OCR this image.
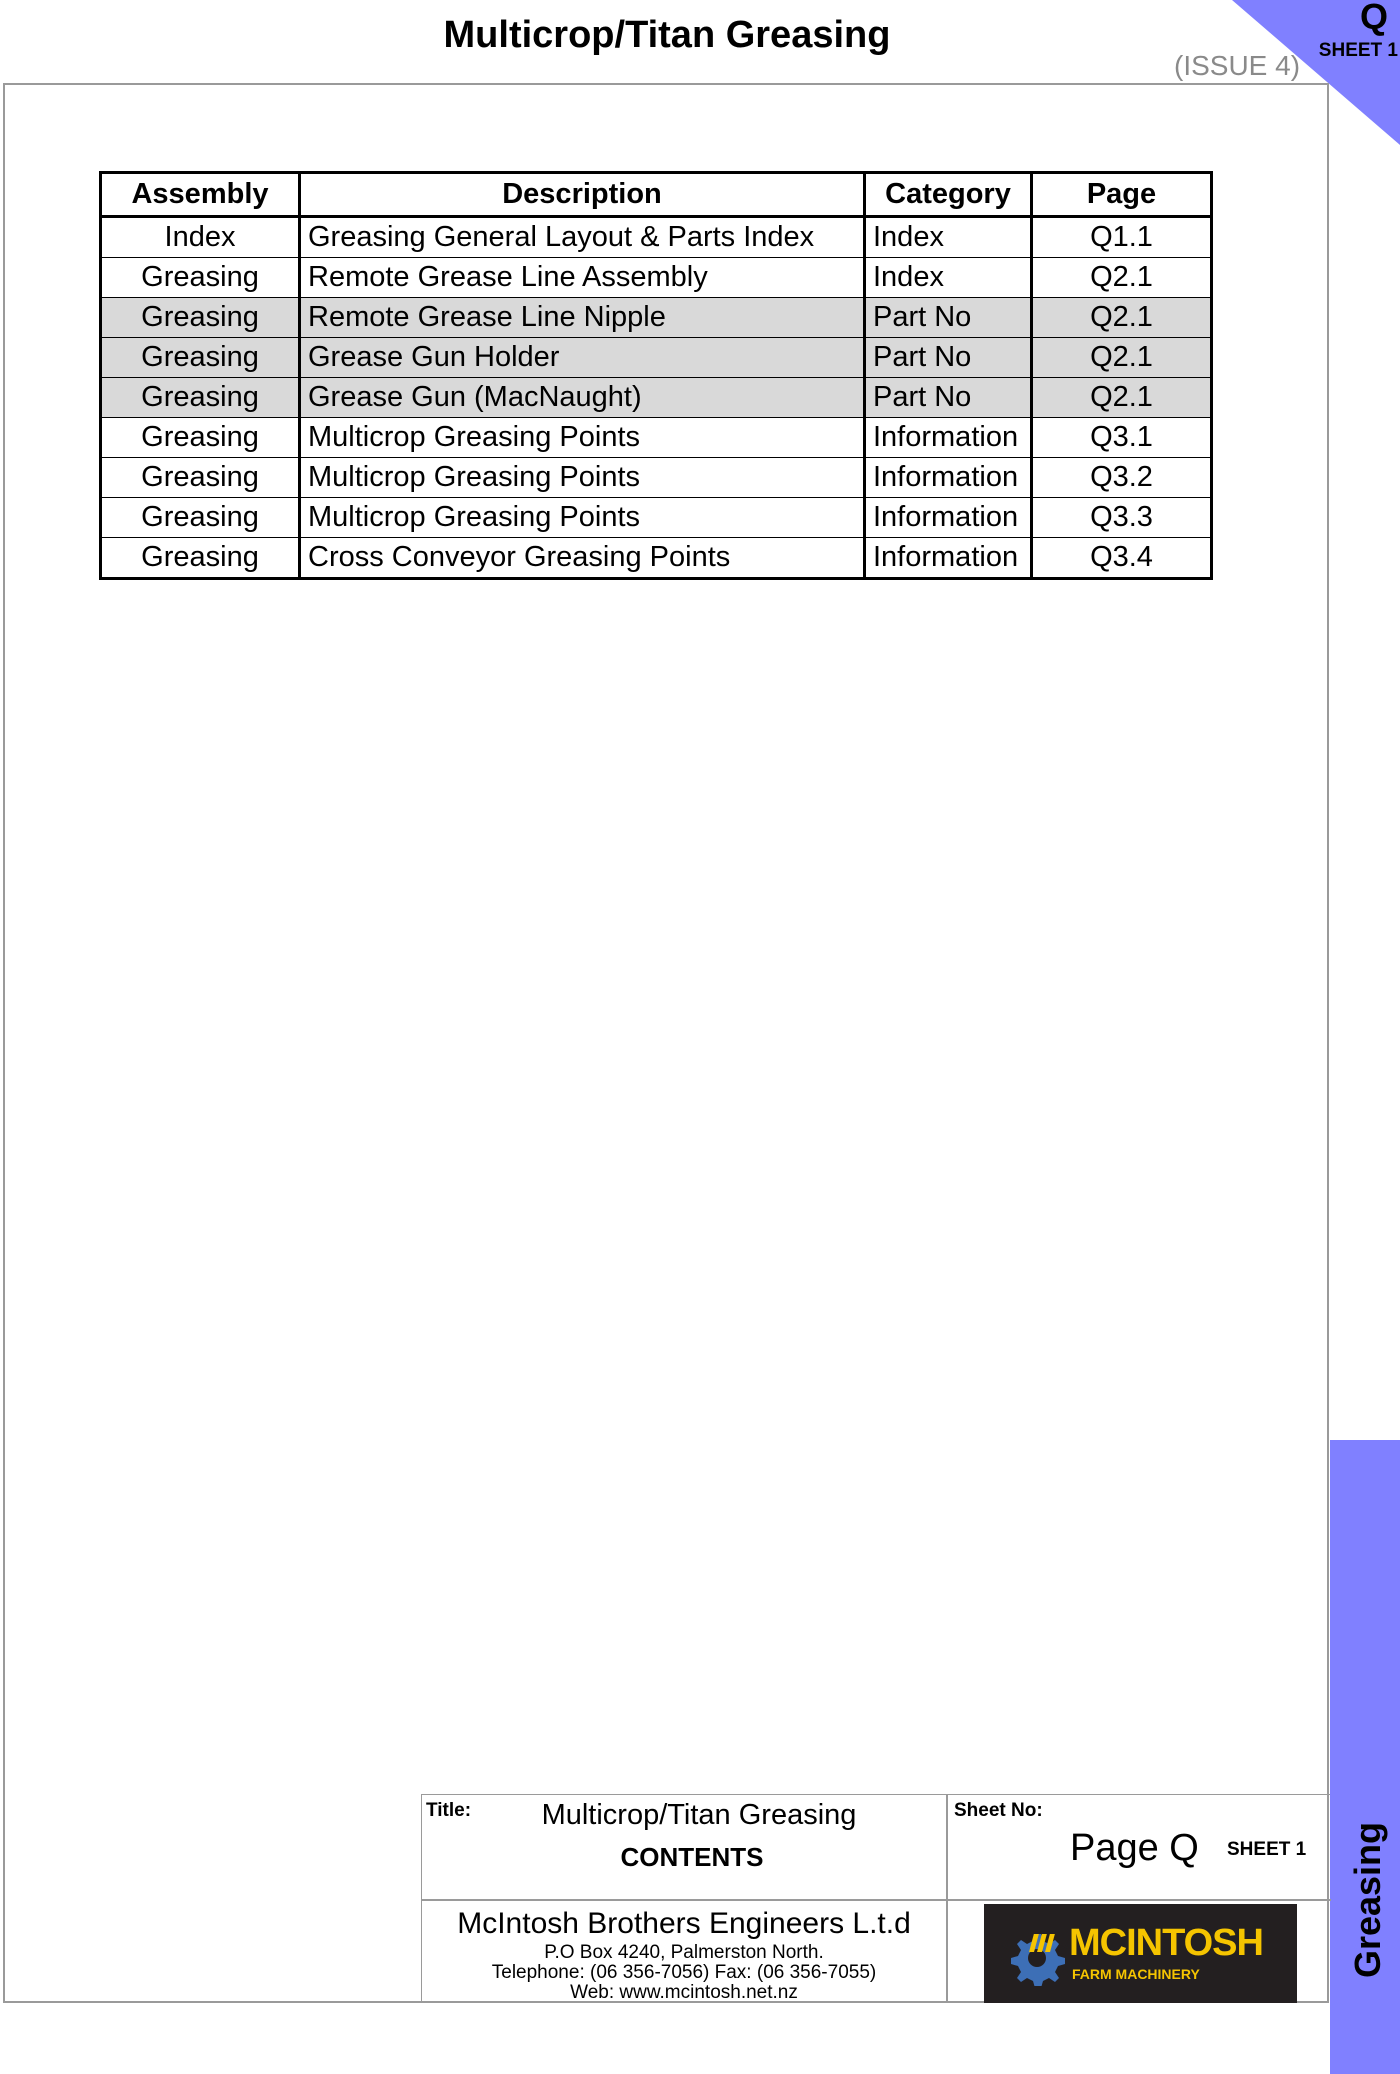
Multicrop/Titan Greasing
(ISSUE 4)
Q
SHEET 1
Assembly	Description	Category	Page
Index	Greasing General Layout & Parts Index	Index	Q1.1
Greasing	Remote Grease Line Assembly	Index	Q2.1
Greasing	Remote Grease Line Nipple	Part No	Q2.1
Greasing	Grease Gun Holder	Part No	Q2.1
Greasing	Grease Gun (MacNaught)	Part No	Q2.1
Greasing	Multicrop Greasing Points	Information	Q3.1
Greasing	Multicrop Greasing Points	Information	Q3.2
Greasing	Multicrop Greasing Points	Information	Q3.3
Greasing	Cross Conveyor Greasing Points	Information	Q3.4
Greasing
Title:	Multicrop/Titan Greasing
CONTENTS
Sheet No:
Page Q SHEET 1
McIntosh Brothers Engineers L.t.d
P.O Box 4240, Palmerston North.
Telephone: (06 356-7056) Fax: (06 356-7055)
Web: www.mcintosh.net.nz
MCINTOSH
FARM MACHINERY
